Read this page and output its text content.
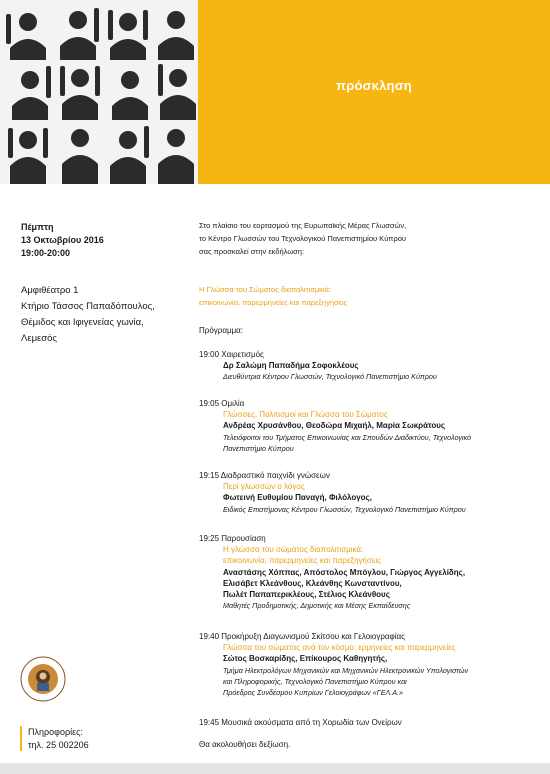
πρόσκληση
Πέμπτη
13 Οκτωβρίου 2016
19:00-20:00
Αμφιθέατρο 1
Κτήριο Τάσσος Παπαδόπουλος,
Θέμιδος και Ιφιγενείας γωνία,
Λεμεσός
Πληροφορίες:
τηλ. 25 002206
Στο πλαίσιο του εορτασμού της Ευρωπαϊκής Μέρας Γλωσσών,
το Κέντρο Γλωσσών του Τεχνολογικού Πανεπιστημίου Κύπρου
σας προσκαλεί στην εκδήλωση:
Η Γλώσσα του Σώματος διαπολιτισμικά:
επικοινωνία, παρερμηνείες και παρεξηγήσεις
Πρόγραμμα:
19:00 Χαιρετισμός
Δρ Σαλώμη Παπαδήμα Σοφοκλέους
Διευθύντρια Κέντρου Γλωσσών, Τεχνολογικό Πανεπιστήμιο Κύπρου
19:05 Ομιλία
Γλώσσες, Πολιτισμοί και Γλώσσα του Σώματος
Ανδρέας Χρυσάνθου, Θεοδώρα Μιχαήλ, Μαρία Σωκράτους
Τελειόφοιτοι του Τμήματος Επικοινωνίας και Σπουδών Διαδικτύου, Τεχνολογικό
Πανεπιστήμιο Κύπρου
19:15 Διαδραστικό παιχνίδι γνώσεων
Περί γλωσσών ο λόγος
Φωτεινή Ευθυμίου Παναγή, Φιλόλογος,
Ειδικός Επιστήμονας Κέντρου Γλωσσών, Τεχνολογικό Πανεπιστήμιο Κύπρου
19:25 Παρουσίαση
Η γλώσσα του σώματος διαπολιτισμικά:
επικοινωνία, παρερμηνείες και παρεξηγήσεις
Αναστάσης Χόππας, Απόστολος Μπόγλου, Γιώργος Αγγελίδης,
Ελισάβετ Κλεάνθους, Κλεάνθης Κωνσταντίνου,
Πωλέτ Παπαπερικλέους, Στέλιος Κλεάνθους
Μαθητές Προδημοτικής, Δημοτικής και Μέσης Εκπαίδευσης
19:40 Προκήρυξη Διαγωνισμού Σκίτσου και Γελοιογραφίας
Γλώσσα του σώματος ανά τον κόσμο: ερμηνείες και παρερμηνείες
Σώτος Βοσκαρίδης, Επίκουρος Καθηγητής,
Τμήμα Ηλεκτρολόγων Μηχανικών και Μηχανικών Ηλεκτρονικών Υπολογιστών
και Πληροφορικής, Τεχνολογικό Πανεπιστήμιο Κύπρου και
Πρόεδρος Συνδέσμου Κυπρίων Γελοιογράφων «ΓΕΛ.Α.»
19:45 Μουσικά ακούσματα από τη Χορωδία των Ονείρων
Θα ακολουθήσει δεξίωση.
